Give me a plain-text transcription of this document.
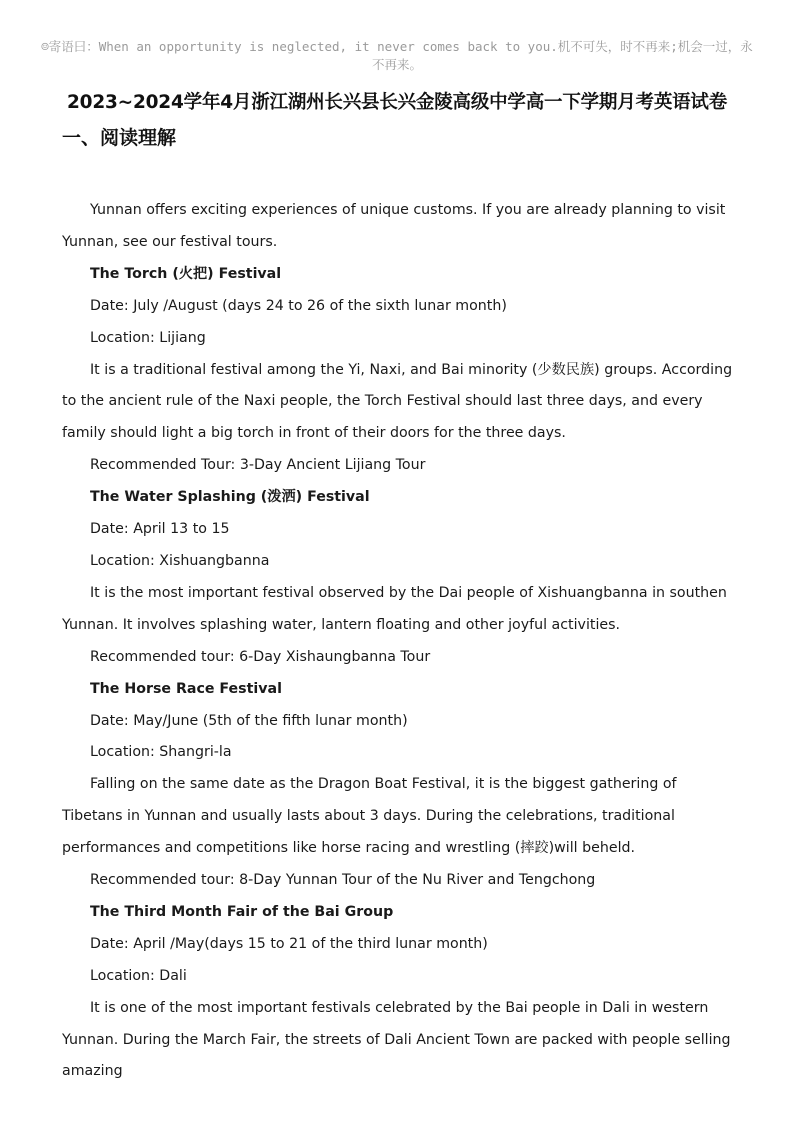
☺寄语曰：When an opportunity is neglected, it never comes back to you.机不可失，时不再来;机会一过，永不再来。
2023~2024学年4月浙江湖州长兴县长兴金陵高级中学高一下学期月考英语试卷
一、阅读理解

Yunnan offers exciting experiences of unique customs. If you are already planning to visit Yunnan, see our festival tours.

The Torch (火把) Festival

Date: July /August (days 24 to 26 of the sixth lunar month)

Location: Lijiang

It is a traditional festival among the Yi, Naxi, and Bai minority (少数民族) groups. According to the ancient rule of the Naxi people, the Torch Festival should last three days, and every family should light a big torch in front of their doors for the three days.

Recommended Tour: 3-Day Ancient Lijiang Tour

The Water Splashing (泼洒) Festival

Date: April 13 to 15

Location: Xishuangbanna

It is the most important festival observed by the Dai people of Xishuangbanna in southen Yunnan. It involves splashing water, lantern floating and other joyful activities.

Recommended tour: 6-Day Xishaungbanna Tour

The Horse Race Festival

Date: May/June (5th of the fifth lunar month)

Location: Shangri-la

Falling on the same date as the Dragon Boat Festival, it is the biggest gathering of Tibetans in Yunnan and usually lasts about 3 days. During the celebrations, traditional performances and competitions like horse racing and wrestling (摔跤)will beheld.

Recommended tour: 8-Day Yunnan Tour of the Nu River and Tengchong

The Third Month Fair of the Bai Group

Date: April /May(days 15 to 21 of the third lunar month)

Location: Dali

It is one of the most important festivals celebrated by the Bai people in Dali in western Yunnan. During the March Fair, the streets of Dali Ancient Town are packed with people selling amazing
